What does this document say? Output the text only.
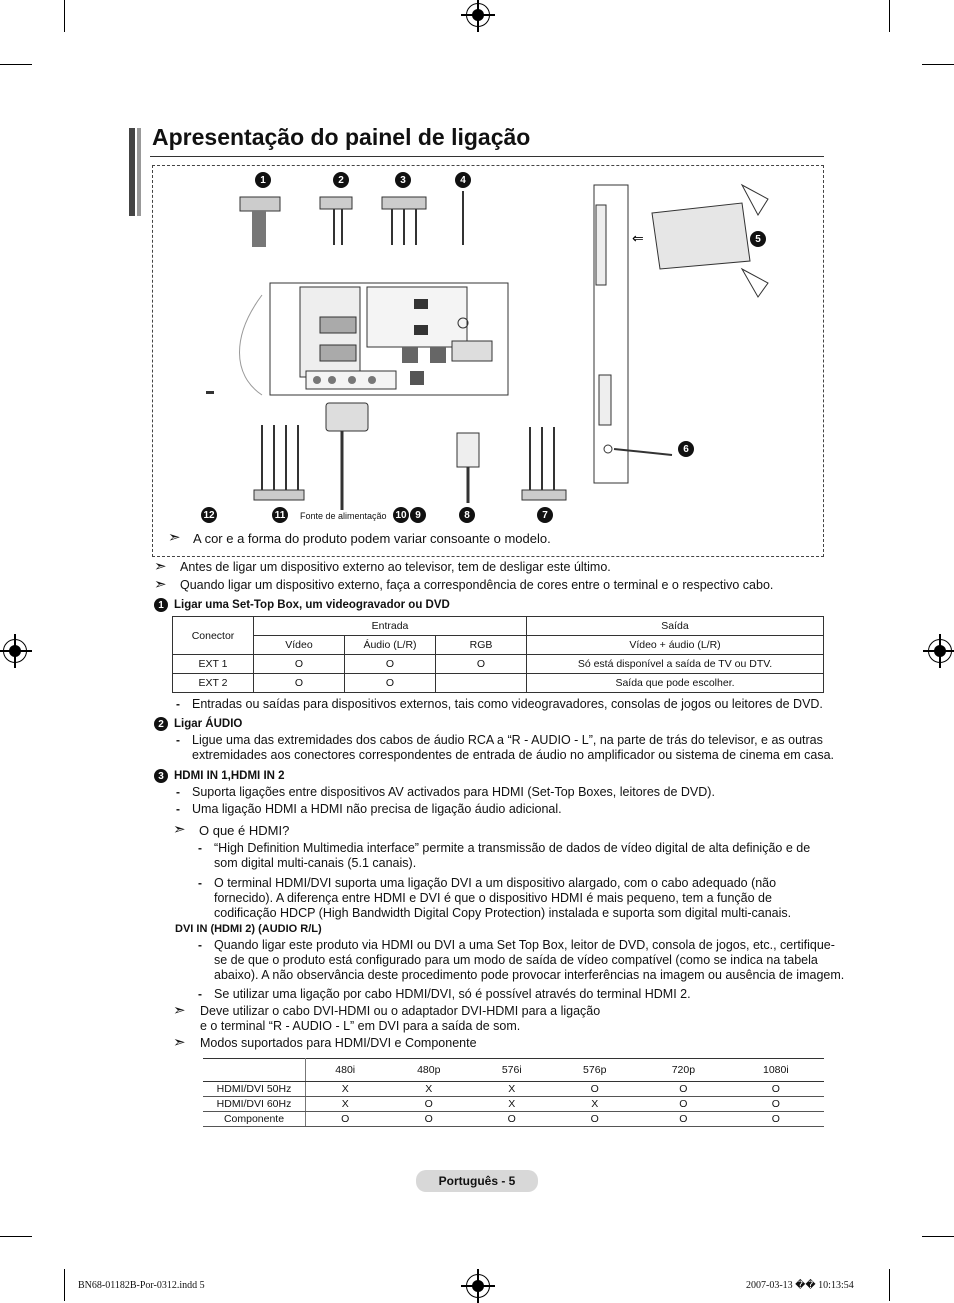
Apresentação do painel de ligação
⇐
1	2	3	4
5
6
7
8
9
10
11
12	Fonte de alimentação
➣ A cor e a forma do produto podem variar consoante o modelo.
➣ Antes de ligar um dispositivo externo ao televisor, tem de desligar este último.
➣ Quando ligar um dispositivo externo, faça a correspondência de cores entre o terminal e o respectivo cabo.
1 Ligar uma Set-Top Box, um videogravador ou DVD
Conector	Entrada			Saída
	Vídeo	Áudio (L/R)	RGB	Vídeo + áudio (L/R)
EXT 1	O	O	O	Só está disponível a saída de TV ou DTV.
EXT 2	O	O		Saída que pode escolher.
- Entradas ou saídas para dispositivos externos, tais como videogravadores, consolas de jogos ou leitores de DVD.
2 Ligar ÁUDIO
- Ligue uma das extremidades dos cabos de áudio RCA a “R - AUDIO - L”, na parte de trás do televisor, e as outras
extremidades aos conectores correspondentes de entrada de áudio no amplificador ou sistema de cinema em casa.
3 HDMI IN 1,HDMI IN 2
- Suporta ligações entre dispositivos AV activados para HDMI (Set-Top Boxes, leitores de DVD).
- Uma ligação HDMI a HDMI não precisa de ligação áudio adicional.
➣ O que é HDMI?
- “High Definition Multimedia interface” permite a transmissão de dados de vídeo digital de alta definição e de
som digital multi-canais (5.1 canais).
- O terminal HDMI/DVI suporta uma ligação DVI a um dispositivo alargado, com o cabo adequado (não
fornecido). A diferença entre HDMI e DVI é que o dispositivo HDMI é mais pequeno, tem a função de
codificação HDCP (High Bandwidth Digital Copy Protection) instalada e suporta som digital multi-canais.
DVI IN (HDMI 2) (AUDIO R/L)
- Quando ligar este produto via HDMI ou DVI a uma Set Top Box, leitor de DVD, consola de jogos, etc., certifique-
se de que o produto está configurado para um modo de saída de vídeo compatível (como se indica na tabela
abaixo). A não observância deste procedimento pode provocar interferências na imagem ou ausência de imagem.
- Se utilizar uma ligação por cabo HDMI/DVI, só é possível através do terminal HDMI 2.
➣ Deve utilizar o cabo DVI-HDMI ou o adaptador DVI-HDMI para a ligação
e o terminal “R - AUDIO - L” em DVI para a saída de som.
➣ Modos suportados para HDMI/DVI e Componente
	480i	480p	576i	576p	720p	1080i
HDMI/DVI 50Hz	X	X	X	O	O	O
HDMI/DVI 60Hz	X	O	X	X	O	O
Componente	O	O	O	O	O	O
Português - 5
BN68-01182B-Por-0312.indd 5	2007-03-13 �� 10:13:54
